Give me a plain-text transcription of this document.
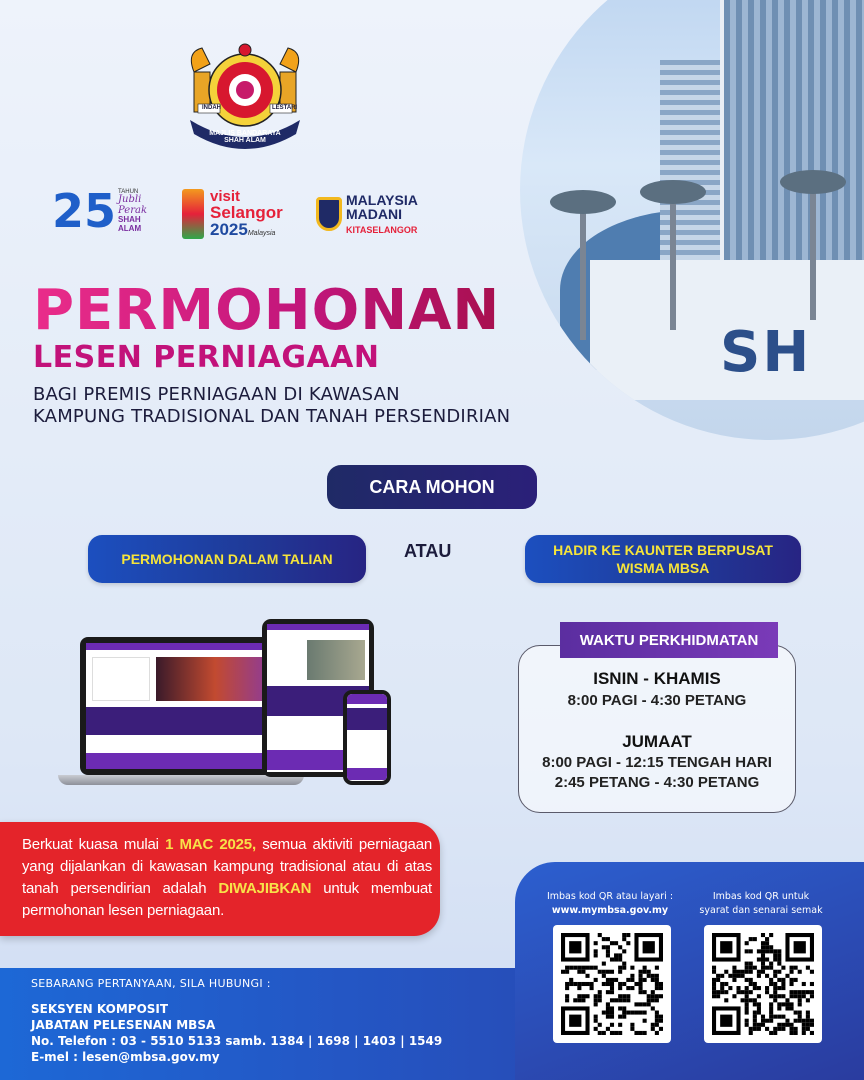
SH
INDAH	LESTARI
MAJLIS BANDARAYA SHAH ALAM
25 TAHUN
Jubli Perak
SHAH ALAM
visit
Selangor
2025Malaysia
MALAYSIA
MADANI
KITASELANGOR
PERMOHONAN
LESEN PERNIAGAAN
BAGI PREMIS PERNIAGAAN DI KAWASAN
KAMPUNG TRADISIONAL DAN TANAH PERSENDIRIAN
CARA MOHON
PERMOHONAN DALAM TALIAN	ATAU	HADIR KE KAUNTER BERPUSAT
WISMA MBSA
WAKTU PERKHIDMATAN
ISNIN - KHAMIS
8:00 PAGI - 4:30 PETANG
JUMAAT
8:00 PAGI - 12:15 TENGAH HARI
2:45 PETANG - 4:30 PETANG
Berkuat kuasa mulai 1 MAC 2025, semua aktiviti perniagaan yang dijalankan di kawasan kampung tradisional atau di atas tanah persendirian adalah DIWAJIBKAN untuk membuat permohonan lesen perniagaan.
SEBARANG PERTANYAAN, SILA HUBUNGI :
SEKSYEN KOMPOSIT
JABATAN PELESENAN MBSA
No. Telefon : 03 - 5510 5133 samb. 1384 | 1698 | 1403 | 1549
E-mel : lesen@mbsa.gov.my
Imbas kod QR atau layari :
www.mymbsa.gov.my
Imbas kod QR untuk
syarat dan senarai semak
